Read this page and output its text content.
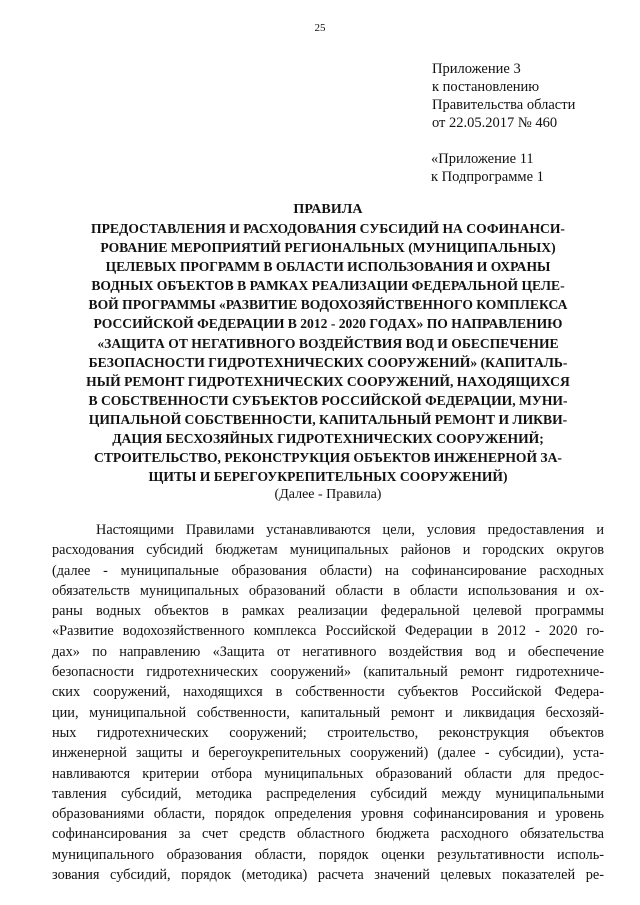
25
Приложение 3
к постановлению
Правительства области
от 22.05.2017 № 460
«Приложение 11
к Подпрограмме 1
ПРАВИЛА
ПРЕДОСТАВЛЕНИЯ И РАСХОДОВАНИЯ СУБСИДИЙ НА СОФИНАНСИ-
РОВАНИЕ МЕРОПРИЯТИЙ РЕГИОНАЛЬНЫХ (МУНИЦИПАЛЬНЫХ)
ЦЕЛЕВЫХ ПРОГРАММ В ОБЛАСТИ ИСПОЛЬЗОВАНИЯ И ОХРАНЫ
ВОДНЫХ ОБЪЕКТОВ В РАМКАХ РЕАЛИЗАЦИИ ФЕДЕРАЛЬНОЙ ЦЕЛЕ-
ВОЙ ПРОГРАММЫ «РАЗВИТИЕ ВОДОХОЗЯЙСТВЕННОГО КОМПЛЕКСА
РОССИЙСКОЙ ФЕДЕРАЦИИ В 2012 - 2020 ГОДАХ» ПО НАПРАВЛЕНИЮ
«ЗАЩИТА ОТ НЕГАТИВНОГО ВОЗДЕЙСТВИЯ ВОД И ОБЕСПЕЧЕНИЕ
БЕЗОПАСНОСТИ ГИДРОТЕХНИЧЕСКИХ СООРУЖЕНИЙ» (КАПИТАЛЬ-
НЫЙ РЕМОНТ ГИДРОТЕХНИЧЕСКИХ СООРУЖЕНИЙ, НАХОДЯЩИХСЯ
В СОБСТВЕННОСТИ СУБЪЕКТОВ РОССИЙСКОЙ ФЕДЕРАЦИИ, МУНИ-
ЦИПАЛЬНОЙ СОБСТВЕННОСТИ, КАПИТАЛЬНЫЙ РЕМОНТ И ЛИКВИ-
ДАЦИЯ БЕСХОЗЯЙНЫХ ГИДРОТЕХНИЧЕСКИХ СООРУЖЕНИЙ;
СТРОИТЕЛЬСТВО, РЕКОНСТРУКЦИЯ ОБЪЕКТОВ ИНЖЕНЕРНОЙ ЗА-
ЩИТЫ И БЕРЕГОУКРЕПИТЕЛЬНЫХ СООРУЖЕНИЙ)
(Далее - Правила)
Настоящими Правилами устанавливаются цели, условия предоставления и
расходования субсидий бюджетам муниципальных районов и городских округов
(далее - муниципальные образования области) на софинансирование расходных
обязательств муниципальных образований области в области использования и ох-
раны водных объектов в рамках реализации федеральной целевой программы
«Развитие водохозяйственного комплекса Российской Федерации в 2012 - 2020 го-
дах» по направлению «Защита от негативного воздействия вод и обеспечение
безопасности гидротехнических сооружений» (капитальный ремонт гидротехниче-
ских сооружений, находящихся в собственности субъектов Российской Федера-
ции, муниципальной собственности, капитальный ремонт и ликвидация бесхозяй-
ных гидротехнических сооружений; строительство, реконструкция объектов
инженерной защиты и берегоукрепительных сооружений) (далее - субсидии), уста-
навливаются критерии отбора муниципальных образований области для предос-
тавления субсидий, методика распределения субсидий между муниципальными
образованиями области, порядок определения уровня софинансирования и уровень
софинансирования за счет средств областного бюджета расходного обязательства
муниципального образования области, порядок оценки результативности исполь-
зования субсидий, порядок (методика) расчета значений целевых показателей ре-
